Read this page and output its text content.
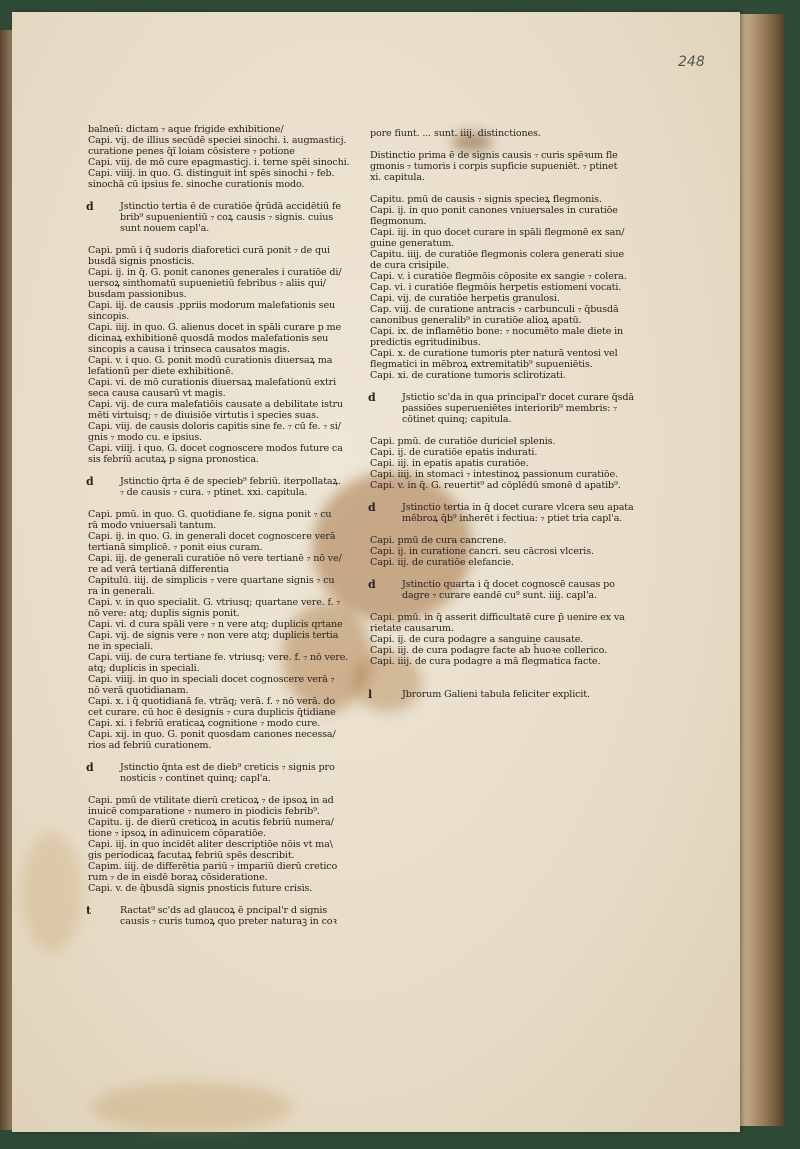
248
balneū: dictam ₇ aque frigide exhibitione/
Capi. vij. de illius secūdē speciei sinochi. i. augmasticj.
curatione penes q̄ï loiam cōsistere ₇ potione
Capi. viij. de mō cure epagmasticj. i. terne spēi sinochi.
Capi. viiij. in quo. G. distinguit int̄ spēs sinochi ₇ feb.
sinochā cū ipsius fe. sinoche curationis modo.
d	Jstinctio tertia ē de curatiōe q̄rūdā accidētiū fe
brib⁹ supuenientiū ₇ coꝝ causis ₇ signis. cuius
sunt nouem capl'a.
Capi. pmū i q̄ sudoris diaforetici curā ponit ₇ de qui
busdā signis pnosticis.
Capi. ij. in q̄. G. ponit canones generales i curatiōe di/
uersoꝝ sinthomatū supuenietiū febribus ₇ aliis qui/
busdam passionibus.
Capi. iij. de causis .ppriis modorum malefationis seu
sincopis.
Capi. iiij. in quo. G. alienus docet in spāli curare p me
dicinaꝝ exhibitionē quosdā modos malefationis seu
sincopis a causa i trinseca causatos magis.
Capi. v. i quo. G. ponit modū curationis diuersaꝝ ma
lefationū per diete exhibitionē.
Capi. vi. de mō curationis diuersaꝝ malefationū extri
seca causa causarū vt magis.
Capi. vij. de cura malefatiōis causate a debilitate istru
mēti virtuisq; ₇ de diuisiōe virtutis i species suas.
Capi. viij. de causis doloris capitis sine fe. ₇ cū fe. ₇ si/
gnis ₇ modo cu. e ipsius.
Capi. viiij. i quo. G. docet cognoscere modos future ca
sis febriū acutaꝝ p signa pronostica.
d	Jstinctio q̄rta ē de specieb⁹ febriū. iterpollataꝝ.
₇ de causis ₇ cura. ₇ ptinet. xxi. capitula.
Capi. pmū. in quo. G. quotidiane fe. signa ponit ₇ cu
rā modo vniuersali tantum.
Capi. ij. in quo. G. in generali docet cognoscere verā
tertianā simplicē. ₇ ponit eius curam.
Capi. iij. de generali curatiōe nō vere tertianē ₇ nō ve/
re ad verā tertianā differentia
Capitulū. iiij. de simplicis ₇ vere quartane signis ₇ cu
ra in generali.
Capi. v. in quo specialit. G. vtriusq; quartane vere. f. ₇
nō vere: atq; duplis signis ponit.
Capi. vi. d cura spāli vere ₇ n vere atq; duplicis qrtane
Capi. vij. de signis vere ₇ non vere atq; duplicis tertia
ne in speciali.
Capi. viij. de cura tertiane fe. vtriusq; vere. f. ₇ nō vere.
atq; duplicis in speciali.
Capi. viiij. in quo in speciali docet cognoscere verā ₇
nō verā quotidianam.
Capi. x. i q̄ quotidianā fe. vtrāq; verā. f. ₇ nō verā. do
cet curare. cū hoc ē designis ₇ cura duplicis q̄tidiane
Capi. xi. i febriū eraticaꝝ cognitione ₇ modo cure.
Capi. xij. in quo. G. ponit quosdam canones necessa/
rios ad febriū curationem.
d	Jstinctio q̄nta est de dieb⁹ creticis ₇ signis pro
nosticis ₇ continet quinq; capl'a.
Capi. pmū de vtilitate dierū creticoꝝ ₇ de ipsoꝝ in ad
inuicē comparatione ₇ numero in piodicis febrib⁹.
Capitu. ij. de dierū creticoꝝ in acutis febriū numera/
tione ₇ ipsoꝝ in adinuicem cōparatiōe.
Capi. iij. in quo incidēt aliter descriptiōe nōis vt ma\
gis periodicaꝝ facutaꝝ febriū spēs describit.
Capim. iiij. de differētia pariū ₇ impariū dierū cretico
rum ₇ de in eisdē boraꝝ cōsideratione.
Capi. v. de q̄busdā signis pnosticis future crisis.
t	Ractat⁹ sc'ds ad glaucoꝝ ē pncipal'r d signis
causis ₇ curis tumoꝝ quo preter naturaꝫ in coꝛ
pore fiunt. ... sunt. iiij. distinctiones.
Distinctio prima ē de signis causis ₇ curis spēꝛum fle
gmonis ₇ tumoris i corpis supficie supueniēt. ₇ ptinet
xi. capitula.
Capitu. pmū de causis ₇ signis specieꝝ flegmonis.
Capi. ij. in quo ponit canones vniuersales in curatiōe
flegmonum.
Capi. iij. in quo docet curare in spāli flegmonē ex san/
guine generatum.
Capitu. iiij. de curatiōe flegmonis colera generati siue
de cura crisipile.
Capi. v. i curatiōe flegmōis cōposite ex sangie ₇ colera.
Cap. vi. i curatiōe flegmōis herpetis estiomeni vocati.
Capi. vij. de curatiōe herpetis granulosi.
Cap. viij. de curatione antracis ₇ carbunculi ₇ q̄busdā
canonibus generalib⁹ in curatiōe alioꝝ apatū.
Capi. ix. de inflamētio bone: ₇ nocumēto male diete in
predictis egritudinibus.
Capi. x. de curatione tumoris pter naturā ventosi vel
flegmatici in mēbroꝝ extremitatib⁹ supueniētis.
Capi. xi. de curatione tumoris sclirotizati.
d	Jstictio sc'da in qua principal'r docet curare q̄sdā
passiōes superueniētes interiorib⁹ membris: ₇
cōtinet quinq; capitula.
Capi. pmū. de curatiōe duricieł splenis.
Capi. ij. de curatiōe epatis indurati.
Capi. iij. in epatis apatis curatiōe.
Capi. iiij. in stomaci ₇ intestinoꝝ passionum curatiōe.
Capi. v. in q̄. G. reuertit⁹ ad cōplēdū smonē d apatib⁹.
d	Jstinctio tertia in q̄ docet curare vlcera seu apata
mēbroꝝ q̄b⁹ inherēt i fectiua: ₇ ptiet tria capl'a.
Capi. pmū de cura cancrene.
Capi. ij. in curatione cancri. seu cācrosi vlceris.
Capi. iij. de curatiōe elefancie.
d	Jstinctio quarta i q̄ docet cognoscē causas po
dagre ₇ curare eandē cu⁹ sunt. iiij. capl'a.
Capi. pmū. in q̄ asserit difficultatē cure p̄ uenire ex va
rietate causarum.
Capi. ij. de cura podagre a sanguine causate.
Capi. iij. de cura podagre facte ab h̄uoꝛe collerico.
Capi. iiij. de cura podagre a mā flegmatica facte.
l	Jbrorum Galieni tabula feliciter explicit.
